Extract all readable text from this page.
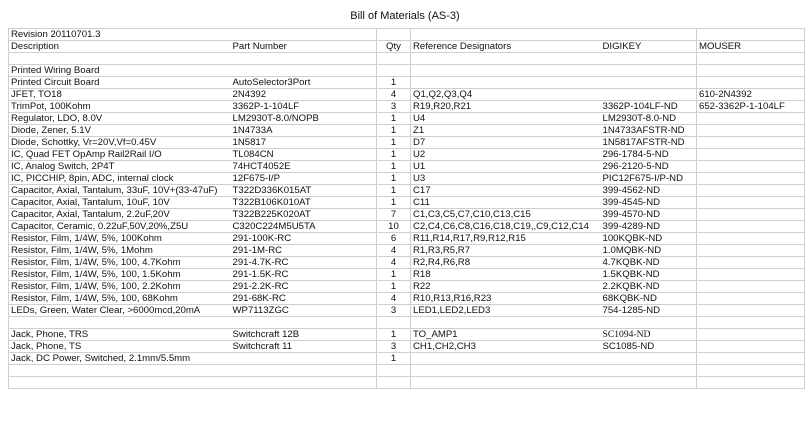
Bill of Materials (AS-3)
Revision 20110701.3					
Description	Part Number	Qty	Reference Designators	DIGIKEY	MOUSER

Printed Wiring Board					
Printed Circuit Board	AutoSelector3Port	1			
JFET, TO18	2N4392	4	Q1,Q2,Q3,Q4		610-2N4392
TrimPot, 100Kohm	3362P-1-104LF	3	R19,R20,R21	3362P-104LF-ND	652-3362P-1-104LF
Regulator, LDO, 8.0V	LM2930T-8.0/NOPB	1	U4	LM2930T-8.0-ND	
Diode, Zener, 5.1V	1N4733A	1	Z1	1N4733AFSTR-ND	
Diode, Schottky, Vr=20V,Vf=0.45V	1N5817	1	D7	1N5817AFSTR-ND	
IC, Quad FET OpAmp Rail2Rail I/O	TL084CN	1	U2	296-1784-5-ND	
IC, Analog Switch, 2P4T	74HCT4052E	1	U1	296-2120-5-ND	
IC, PICCHIP, 8pin, ADC, internal clock	12F675-I/P	1	U3	PIC12F675-I/P-ND	
Capacitor, Axial, Tantalum, 33uF, 10V+(33-47uF)	T322D336K015AT	1	C17	399-4562-ND	
Capacitor, Axial, Tantalum, 10uF, 10V	T322B106K010AT	1	C11	399-4545-ND	
Capacitor, Axial, Tantalum, 2.2uF,20V	T322B225K020AT	7	C1,C3,C5,C7,C10,C13,C15	399-4570-ND	
Capacitor, Ceramic, 0.22uF,50V,20%,Z5U	C320C224M5U5TA	10	C2,C4,C6,C8,C16,C18,C19,,C9,C12,C14	399-4289-ND	
Resistor, Film, 1/4W, 5%, 100Kohm	291-100K-RC	6	R11,R14,R17,R9,R12,R15	100KQBK-ND	
Resistor, Film, 1/4W, 5%, 1Mohm	291-1M-RC	4	R1,R3,R5,R7	1.0MQBK-ND	
Resistor, Film, 1/4W, 5%, 100, 4.7Kohm	291-4.7K-RC	4	R2,R4,R6,R8	4.7KQBK-ND	
Resistor, Film, 1/4W, 5%, 100, 1.5Kohm	291-1.5K-RC	1	R18	1.5KQBK-ND	
Resistor, Film, 1/4W, 5%, 100, 2.2Kohm	291-2.2K-RC	1	R22	2.2KQBK-ND	
Resistor, Film, 1/4W, 5%, 100, 68Kohm	291-68K-RC	4	R10,R13,R16,R23	68KQBK-ND	
LEDs, Green, Water Clear, >6000mcd,20mA	WP7113ZGC	3	LED1,LED2,LED3	754-1285-ND	

Jack, Phone, TRS	Switchcraft 12B	1	TO_AMP1	SC1094-ND	
Jack, Phone, TS	Switchcraft 11	3	CH1,CH2,CH3	SC1085-ND	
Jack, DC Power, Switched, 2.1mm/5.5mm		1			
